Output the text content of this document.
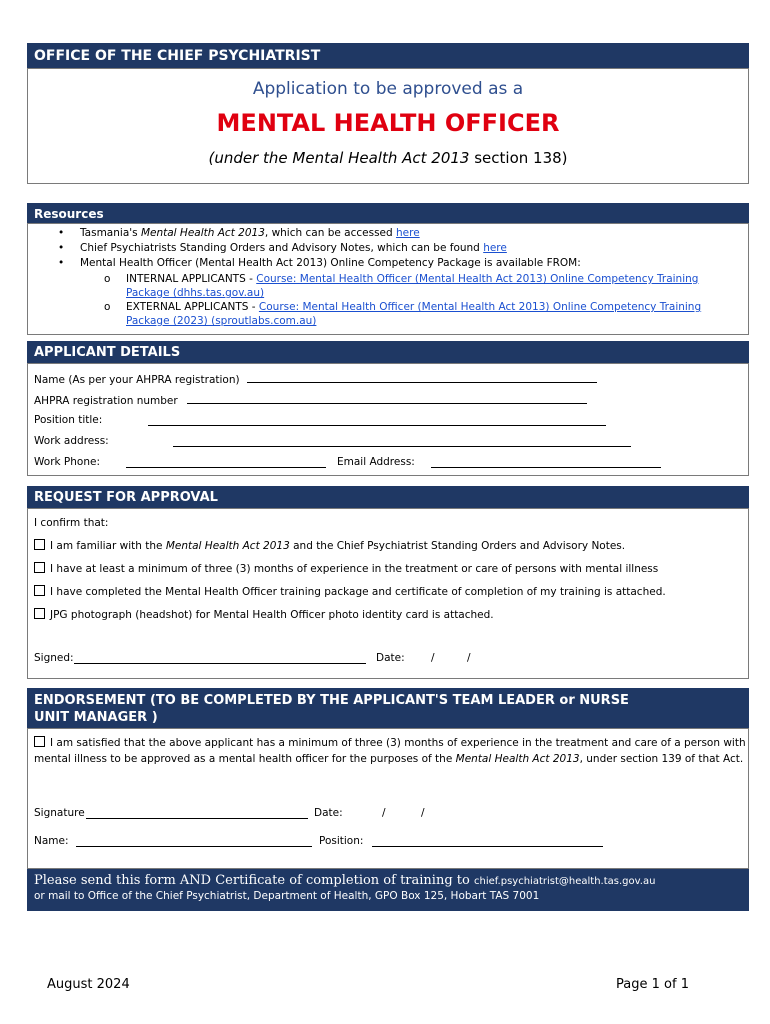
OFFICE OF THE CHIEF PSYCHIATRIST
Application to be approved as a
MENTAL HEALTH OFFICER
(under the Mental Health Act 2013 section 138)
Resources
• Tasmania's Mental Health Act 2013, which can be accessed here
• Chief Psychiatrists Standing Orders and Advisory Notes, which can be found here
• Mental Health Officer (Mental Health Act 2013) Online Competency Package is available FROM:
o INTERNAL APPLICANTS - Course: Mental Health Officer (Mental Health Act 2013) Online Competency Training Package (dhhs.tas.gov.au)
o EXTERNAL APPLICANTS - Course: Mental Health Officer (Mental Health Act 2013) Online Competency Training Package (2023) (sproutlabs.com.au)
APPLICANT DETAILS
Name (As per your AHPRA registration)
AHPRA registration number
Position title:
Work address:
Work Phone:	Email Address:
REQUEST FOR APPROVAL
I confirm that:
I am familiar with the Mental Health Act 2013 and the Chief Psychiatrist Standing Orders and Advisory Notes.
I have at least a minimum of three (3) months of experience in the treatment or care of persons with mental illness
I have completed the Mental Health Officer training package and certificate of completion of my training is attached.
JPG photograph (headshot) for Mental Health Officer photo identity card is attached.
Signed:	Date:	/	/
ENDORSEMENT (TO BE COMPLETED BY THE APPLICANT'S TEAM LEADER or NURSE
UNIT MANAGER )
I am satisfied that the above applicant has a minimum of three (3) months of experience in the treatment and care of a person with mental illness to be approved as a mental health officer for the purposes of the Mental Health Act 2013, under section 139 of that Act.
Signature	Date:	/	/
Name:	Position:
Please send this form AND Certificate of completion of training to chief.psychiatrist@health.tas.gov.au
or mail to Office of the Chief Psychiatrist, Department of Health, GPO Box 125, Hobart TAS 7001
August 2024	Page 1 of 1
